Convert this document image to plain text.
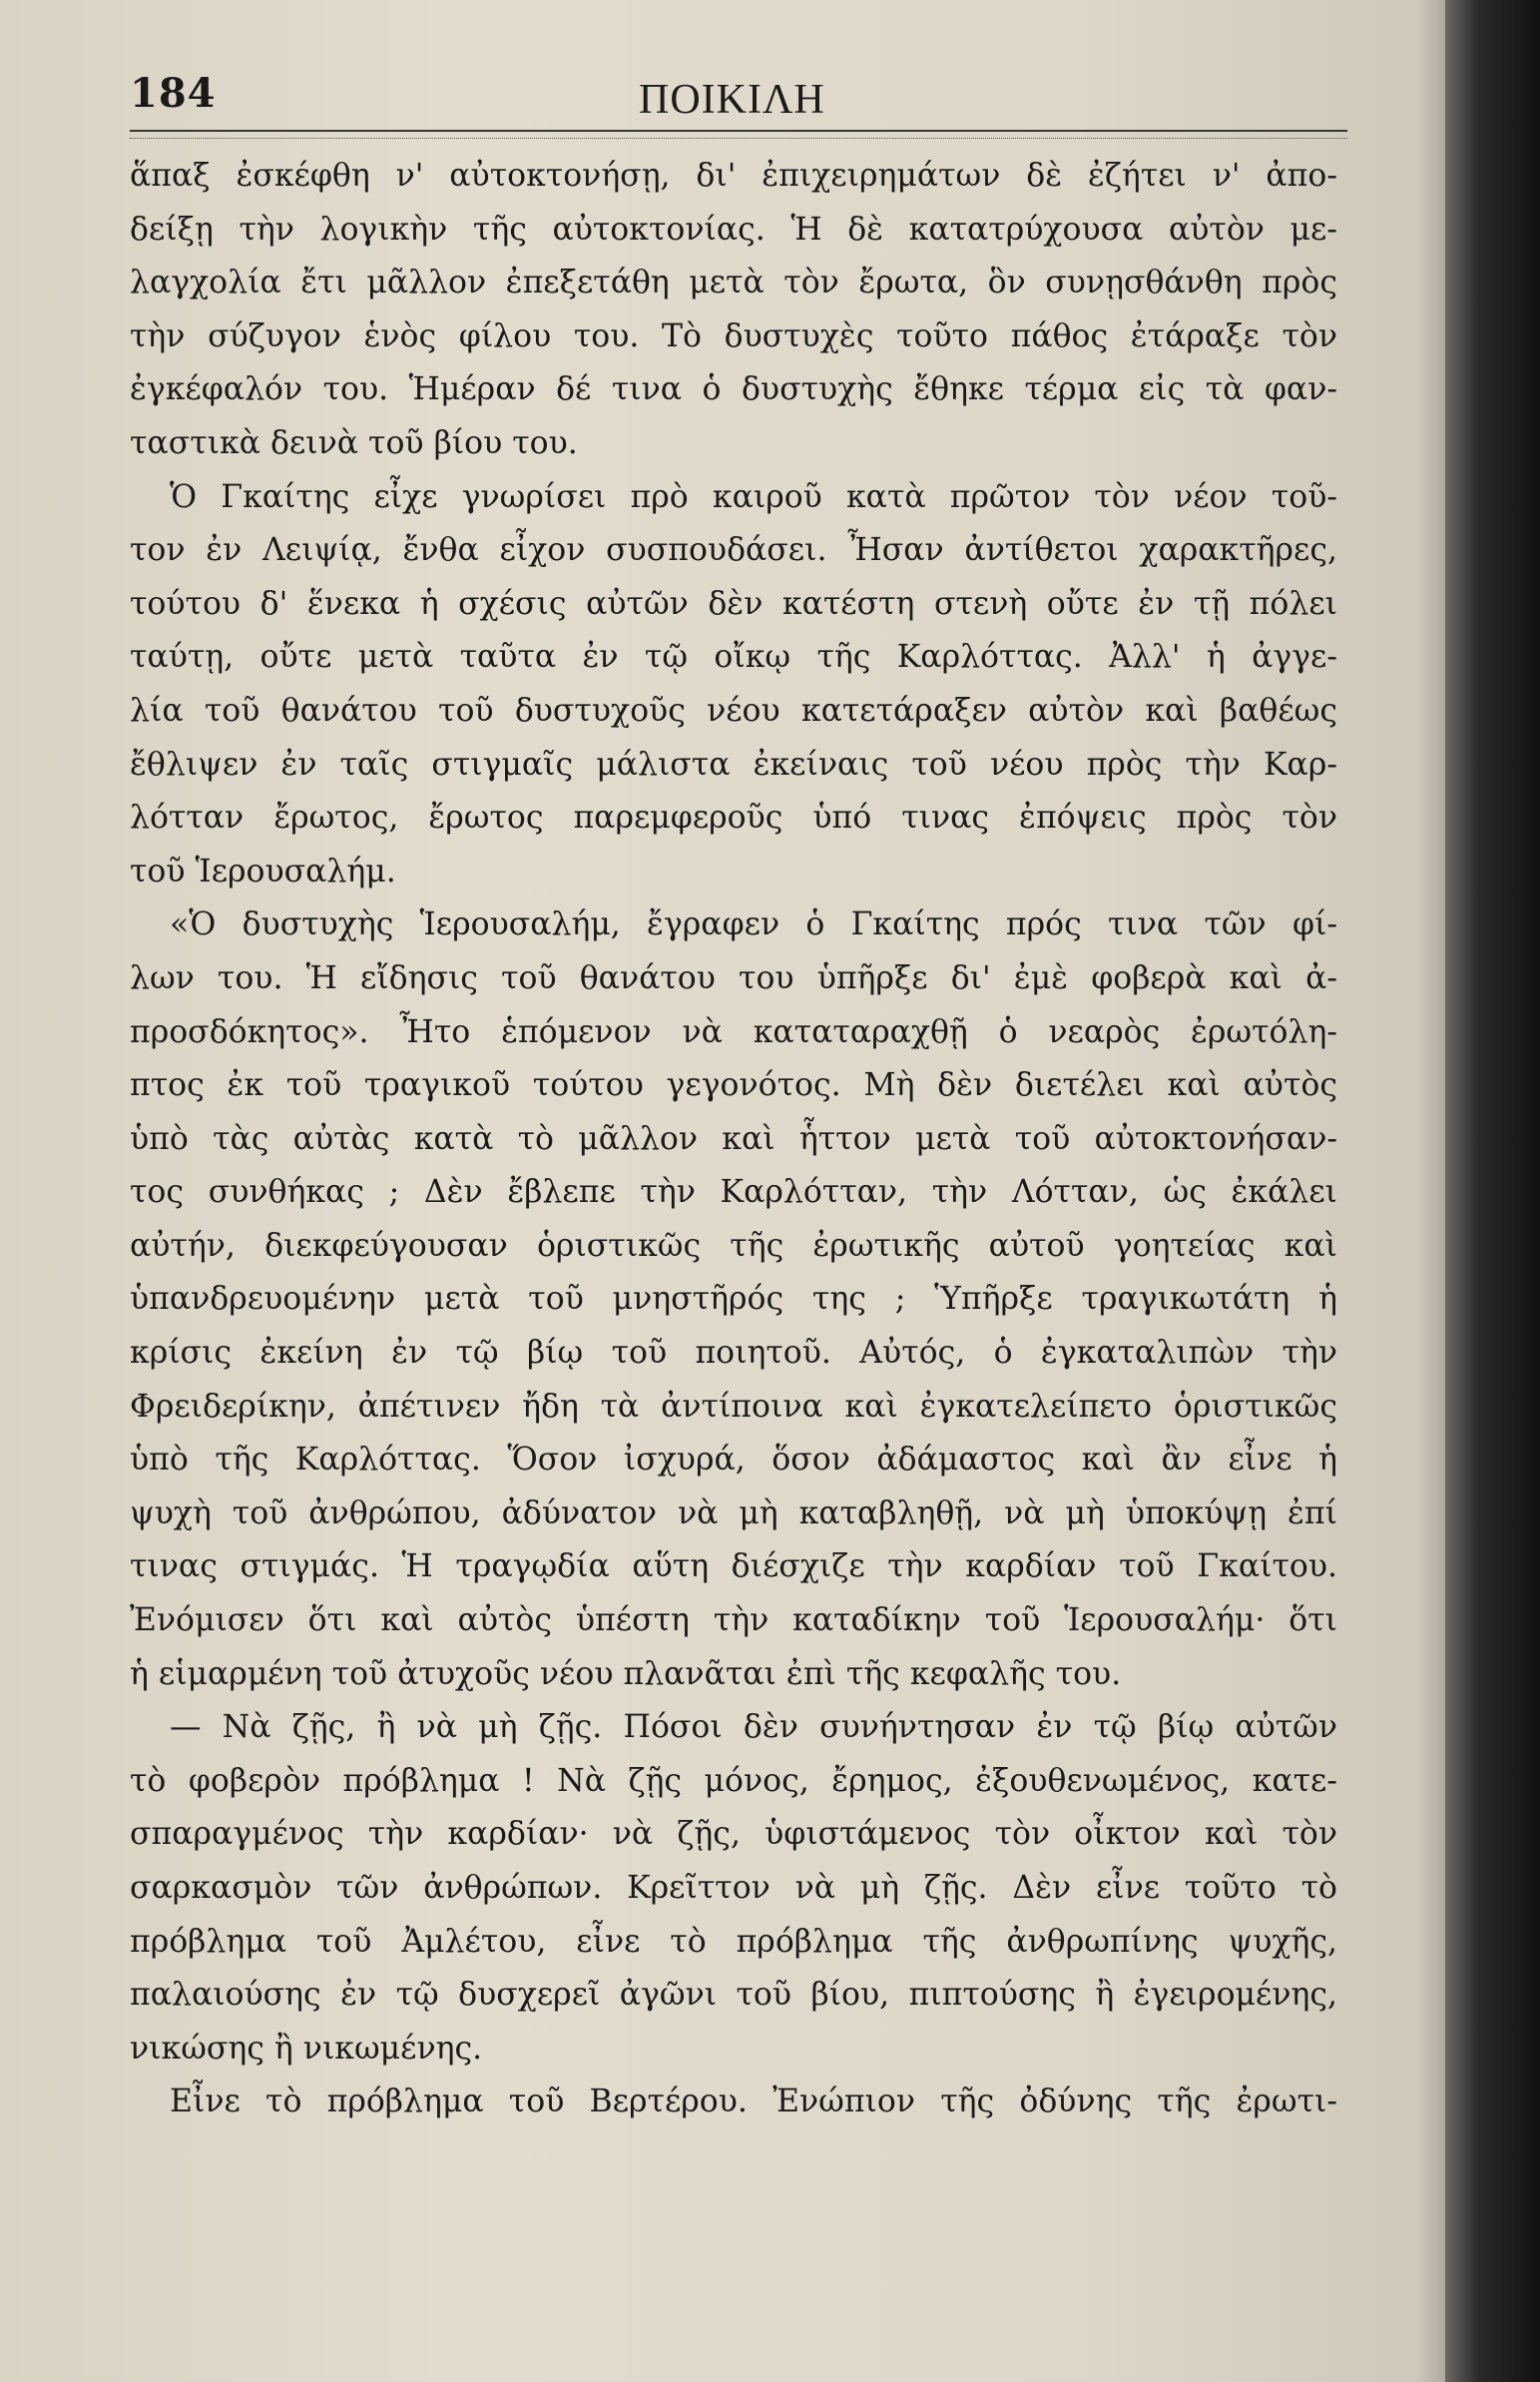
184	ΠΟΙΚΙΛΗ
ἅπαξ ἐσκέφθη ν' αὐτοκτονήσῃ, δι' ἐπιχειρημάτων δὲ ἐζήτει ν' ἀπο-
δείξῃ τὴν λογικὴν τῆς αὐτοκτονίας. Ἡ δὲ κατατρύχουσα αὐτὸν με-
λαγχολία ἔτι μᾶλλον ἐπεξετάθη μετὰ τὸν ἔρωτα, ὃν συνῃσθάνθη πρὸς
τὴν σύζυγον ἑνὸς φίλου του. Τὸ δυστυχὲς τοῦτο πάθος ἐτάραξε τὸν
ἐγκέφαλόν του. Ἡμέραν δέ τινα ὁ δυστυχὴς ἔθηκε τέρμα εἰς τὰ φαν-
ταστικὰ δεινὰ τοῦ βίου του.
Ὁ Γκαίτης εἶχε γνωρίσει πρὸ καιροῦ κατὰ πρῶτον τὸν νέον τοῦ-
τον ἐν Λειψίᾳ, ἔνθα εἶχον συσπουδάσει. Ἦσαν ἀντίθετοι χαρακτῆρες,
τούτου δ' ἕνεκα ἡ σχέσις αὐτῶν δὲν κατέστη στενὴ οὔτε ἐν τῇ πόλει
ταύτῃ, οὔτε μετὰ ταῦτα ἐν τῷ οἴκῳ τῆς Καρλόττας. Ἀλλ' ἡ ἀγγε-
λία τοῦ θανάτου τοῦ δυστυχοῦς νέου κατετάραξεν αὐτὸν καὶ βαθέως
ἔθλιψεν ἐν ταῖς στιγμαῖς μάλιστα ἐκείναις τοῦ νέου πρὸς τὴν Καρ-
λότταν ἔρωτος, ἔρωτος παρεμφεροῦς ὑπό τινας ἐπόψεις πρὸς τὸν
τοῦ Ἱερουσαλήμ.
«Ὁ δυστυχὴς Ἱερουσαλήμ, ἔγραφεν ὁ Γκαίτης πρός τινα τῶν φί-
λων του. Ἡ εἴδησις τοῦ θανάτου του ὑπῆρξε δι' ἐμὲ φοβερὰ καὶ ἀ-
προσδόκητος». Ἦτο ἑπόμενον νὰ καταταραχθῇ ὁ νεαρὸς ἐρωτόλη-
πτος ἐκ τοῦ τραγικοῦ τούτου γεγονότος. Μὴ δὲν διετέλει καὶ αὐτὸς
ὑπὸ τὰς αὐτὰς κατὰ τὸ μᾶλλον καὶ ἧττον μετὰ τοῦ αὐτοκτονήσαν-
τος συνθήκας ; Δὲν ἔβλεπε τὴν Καρλότταν, τὴν Λότταν, ὡς ἐκάλει
αὐτήν, διεκφεύγουσαν ὁριστικῶς τῆς ἐρωτικῆς αὐτοῦ γοητείας καὶ
ὑπανδρευομένην μετὰ τοῦ μνηστῆρός της ; Ὑπῆρξε τραγικωτάτη ἡ
κρίσις ἐκείνη ἐν τῷ βίῳ τοῦ ποιητοῦ. Αὐτός, ὁ ἐγκαταλιπὼν τὴν
Φρειδερίκην, ἀπέτινεν ἤδη τὰ ἀντίποινα καὶ ἐγκατελείπετο ὁριστικῶς
ὑπὸ τῆς Καρλόττας. Ὅσον ἰσχυρά, ὅσον ἀδάμαστος καὶ ἂν εἶνε ἡ
ψυχὴ τοῦ ἀνθρώπου, ἀδύνατον νὰ μὴ καταβληθῇ, νὰ μὴ ὑποκύψῃ ἐπί
τινας στιγμάς. Ἡ τραγῳδία αὕτη διέσχιζε τὴν καρδίαν τοῦ Γκαίτου.
Ἐνόμισεν ὅτι καὶ αὐτὸς ὑπέστη τὴν καταδίκην τοῦ Ἱερουσαλήμ· ὅτι
ἡ εἱμαρμένη τοῦ ἀτυχοῦς νέου πλανᾶται ἐπὶ τῆς κεφαλῆς του.
— Νὰ ζῇς, ἢ νὰ μὴ ζῇς. Πόσοι δὲν συνήντησαν ἐν τῷ βίῳ αὐτῶν
τὸ φοβερὸν πρόβλημα ! Νὰ ζῇς μόνος, ἔρημος, ἐξουθενωμένος, κατε-
σπαραγμένος τὴν καρδίαν· νὰ ζῇς, ὑφιστάμενος τὸν οἶκτον καὶ τὸν
σαρκασμὸν τῶν ἀνθρώπων. Κρεῖττον νὰ μὴ ζῇς. Δὲν εἶνε τοῦτο τὸ
πρόβλημα τοῦ Ἀμλέτου, εἶνε τὸ πρόβλημα τῆς ἀνθρωπίνης ψυχῆς,
παλαιούσης ἐν τῷ δυσχερεῖ ἀγῶνι τοῦ βίου, πιπτούσης ἢ ἐγειρομένης,
νικώσης ἢ νικωμένης.
Εἶνε τὸ πρόβλημα τοῦ Βερτέρου. Ἐνώπιον τῆς ὀδύνης τῆς ἐρωτι-
